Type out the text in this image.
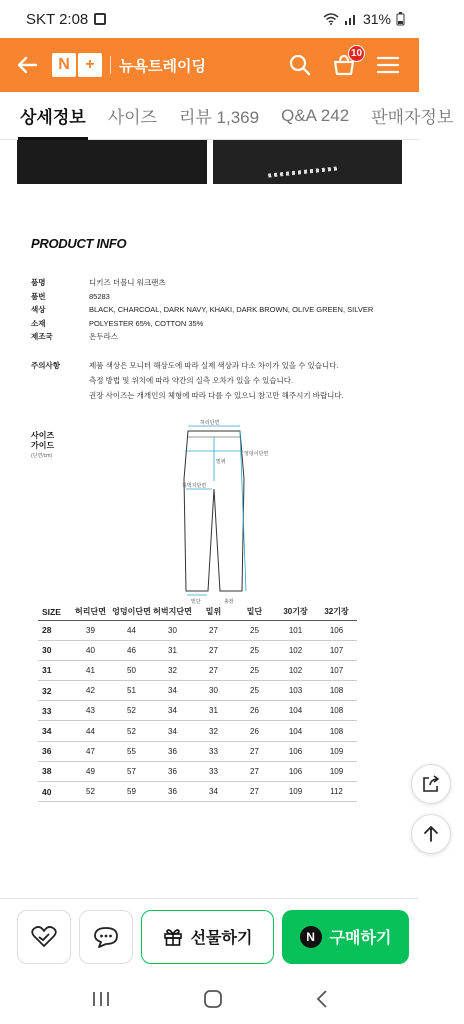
SKT 2:08	31%
N +	뉴욕트레이딩
10
상세정보	사이즈	리뷰 1,369	Q&A 242	판매자정보
PRODUCT INFO
품명	디키즈 더블니 워크팬츠
품번	85283
색상	BLACK, CHARCOAL, DARK NAVY, KHAKI, DARK BROWN, OLIVE GREEN, SILVER
소재	POLYESTER 65%, COTTON 35%
제조국	온두라스
주의사항	제품 색상은 모니터 해상도에 따라 실제 색상과 다소 차이가 있을 수 있습니다.
측정 방법 및 위치에 따라 약간의 실측 오차가 있을 수 있습니다.
권장 사이즈는 개개인의 체형에 따라 다를 수 있으니 참고만 해주시기 바랍니다.
사이즈
가이드
(단면/cm)
허리단면
엉덩이단면
밑위
허벅지단면
밑단	총장
SIZE	허리단면	엉덩이단면	허벅지단면	밑위	밑단	30기장	32기장
28	39	44	30	27	25	101	106
30	40	46	31	27	25	102	107
31	41	50	32	27	25	102	107
32	42	51	34	30	25	103	108
33	43	52	34	31	26	104	108
34	44	52	34	32	26	104	108
36	47	55	36	33	27	106	109
38	49	57	36	33	27	106	109
40	52	59	36	34	27	109	112
선물하기	N 구매하기
